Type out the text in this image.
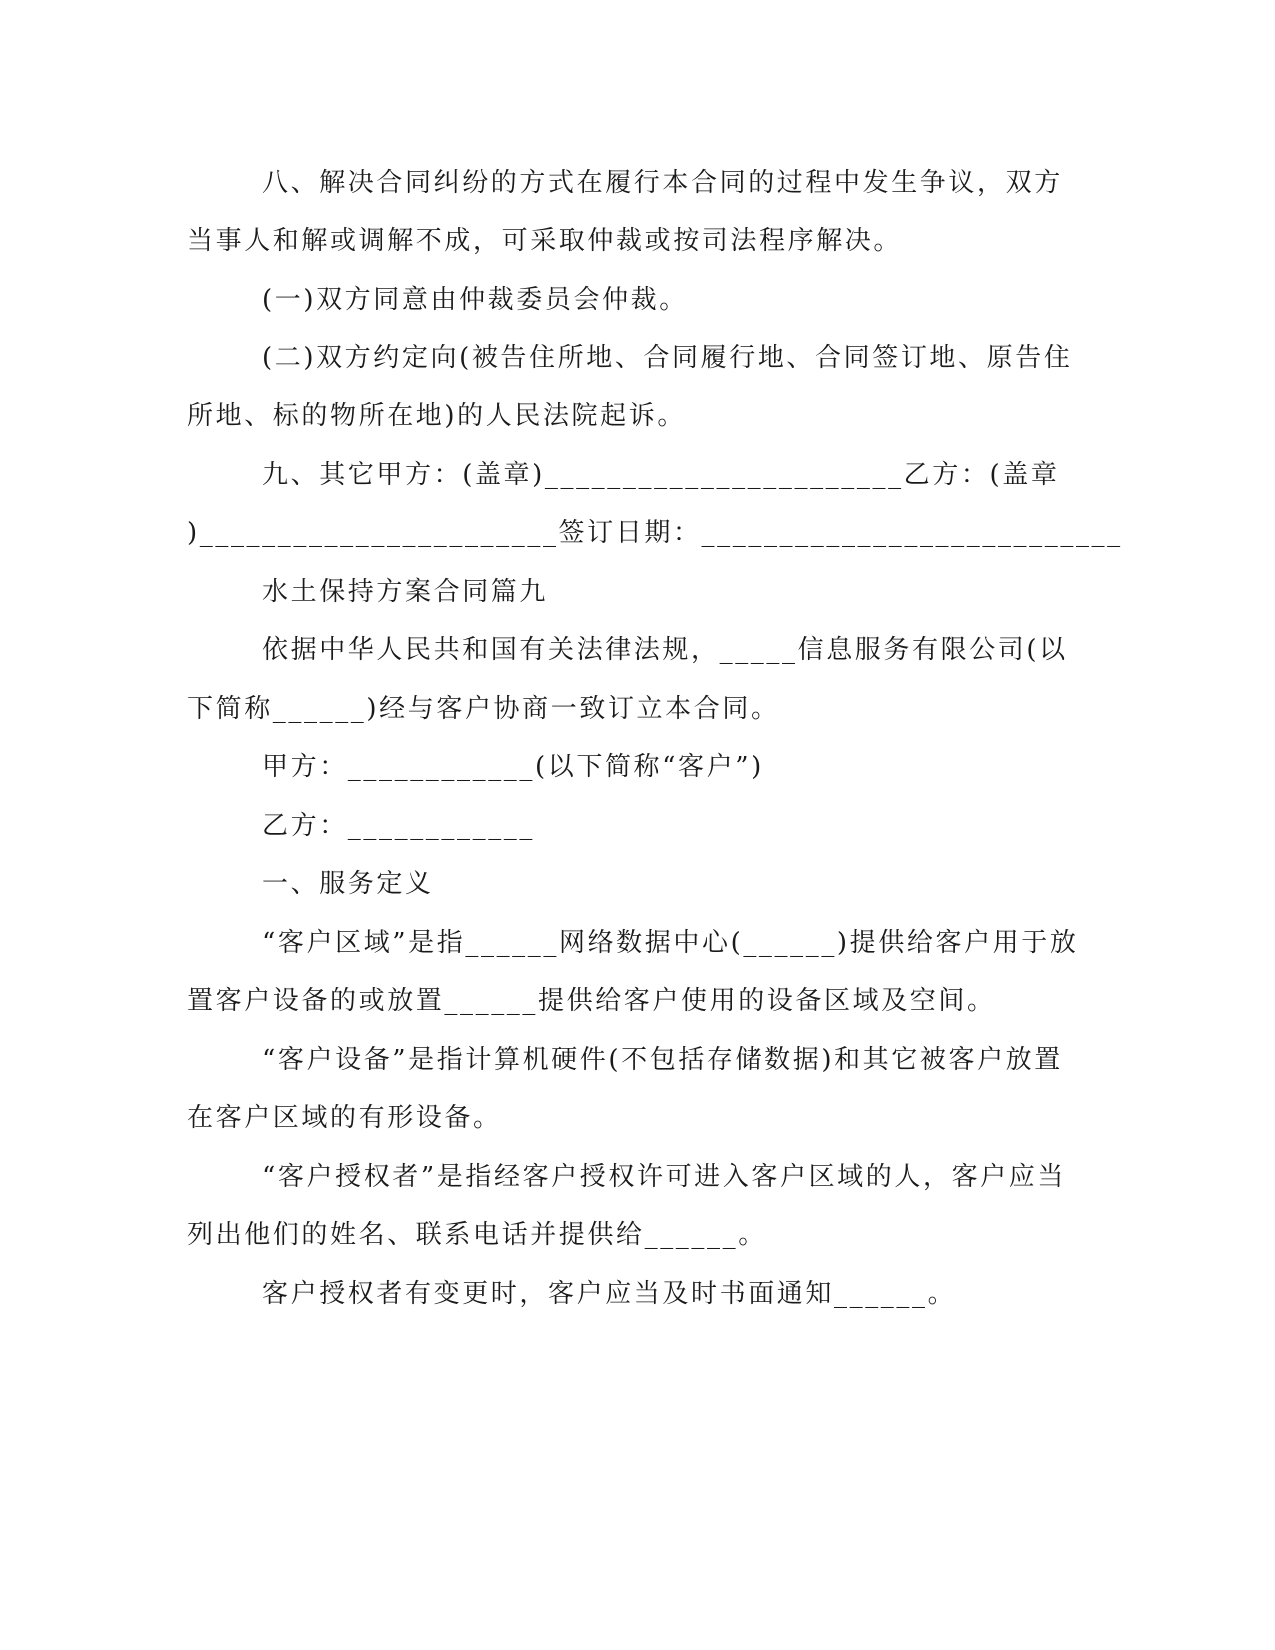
八、解决合同纠纷的方式在履行本合同的过程中发生争议，双方
当事人和解或调解不成，可采取仲裁或按司法程序解决。
(一)双方同意由仲裁委员会仲裁。
(二)双方约定向(被告住所地、合同履行地、合同签订地、原告住
所地、标的物所在地)的人民法院起诉。
九、其它甲方：(盖章)_______________________乙方：(盖章
)_______________________签订日期：___________________________
水土保持方案合同篇九
依据中华人民共和国有关法律法规，_____信息服务有限公司(以
下简称______)经与客户协商一致订立本合同。
甲方：____________(以下简称“客户”)
乙方：____________
一、服务定义
“客户区域”是指______网络数据中心(______)提供给客户用于放
置客户设备的或放置______提供给客户使用的设备区域及空间。
“客户设备”是指计算机硬件(不包括存储数据)和其它被客户放置
在客户区域的有形设备。
“客户授权者”是指经客户授权许可进入客户区域的人，客户应当
列出他们的姓名、联系电话并提供给______。
客户授权者有变更时，客户应当及时书面通知______。
